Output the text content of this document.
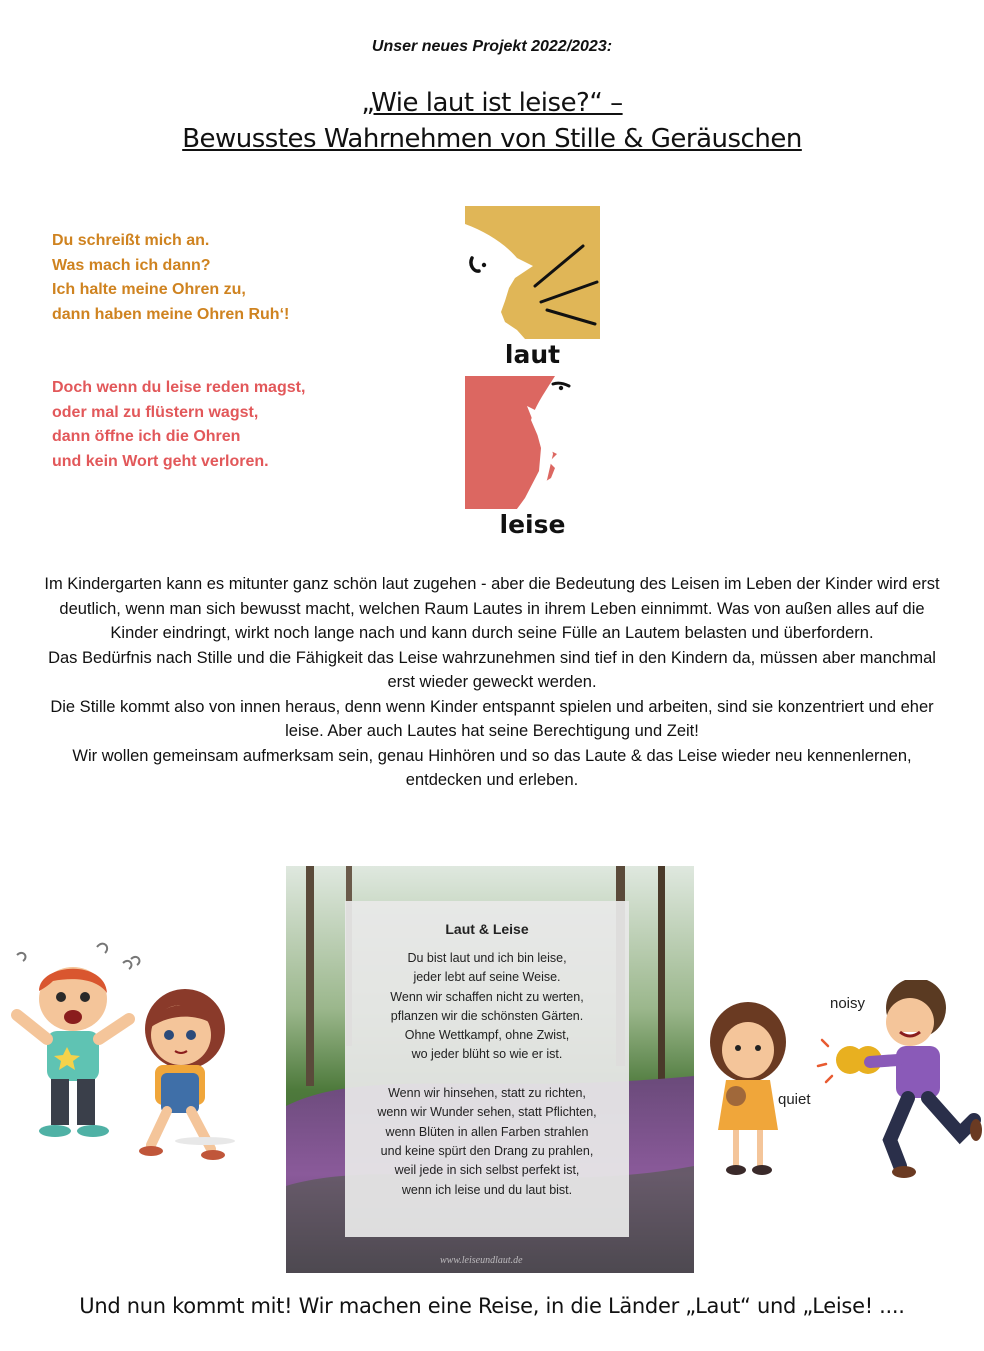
Unser neues Projekt 2022/2023:
„Wie laut ist leise?“ –
Bewusstes Wahrnehmen von Stille & Geräuschen
Du schreißt mich an.
Was mach ich dann?
Ich halte meine Ohren zu,
dann haben meine Ohren Ruh‘!
Doch wenn du leise reden magst,
oder mal zu flüstern wagst,
dann öffne ich die Ohren
und kein Wort geht verloren.
laut
leise

Im Kindergarten kann es mitunter ganz schön laut zugehen - aber die Bedeutung des Leisen im Leben der Kinder wird erst deutlich, wenn man sich bewusst macht, welchen Raum Lautes in ihrem Leben einnimmt. Was von außen alles auf die Kinder eindringt, wirkt noch lange nach und kann durch seine Fülle an Lautem belasten und überfordern.

Das Bedürfnis nach Stille und die Fähigkeit das Leise wahrzunehmen sind tief in den Kindern da, müssen aber manchmal erst wieder geweckt werden.

Die Stille kommt also von innen heraus, denn wenn Kinder entspannt spielen und arbeiten, sind sie konzentriert und eher leise. Aber auch Lautes hat seine Berechtigung und Zeit!

Wir wollen gemeinsam aufmerksam sein, genau Hinhören und so das Laute & das Leise wieder neu kennenlernen, entdecken und erleben.

Laut & Leise
Du bist laut und ich bin leise,
jeder lebt auf seine Weise.
Wenn wir schaffen nicht zu werten,
pflanzen wir die schönsten Gärten.
Ohne Wettkampf, ohne Zwist,
wo jeder blüht so wie er ist.
Wenn wir hinsehen, statt zu richten,
wenn wir Wunder sehen, statt Pflichten,
wenn Blüten in allen Farben strahlen
und keine spürt den Drang zu prahlen,
weil jede in sich selbst perfekt ist,
wenn ich leise und du laut bist.
www.leiseundlaut.de
noisy
quiet
Und nun kommt mit! Wir machen eine Reise, in die Länder „Laut“ und „Leise! ....
